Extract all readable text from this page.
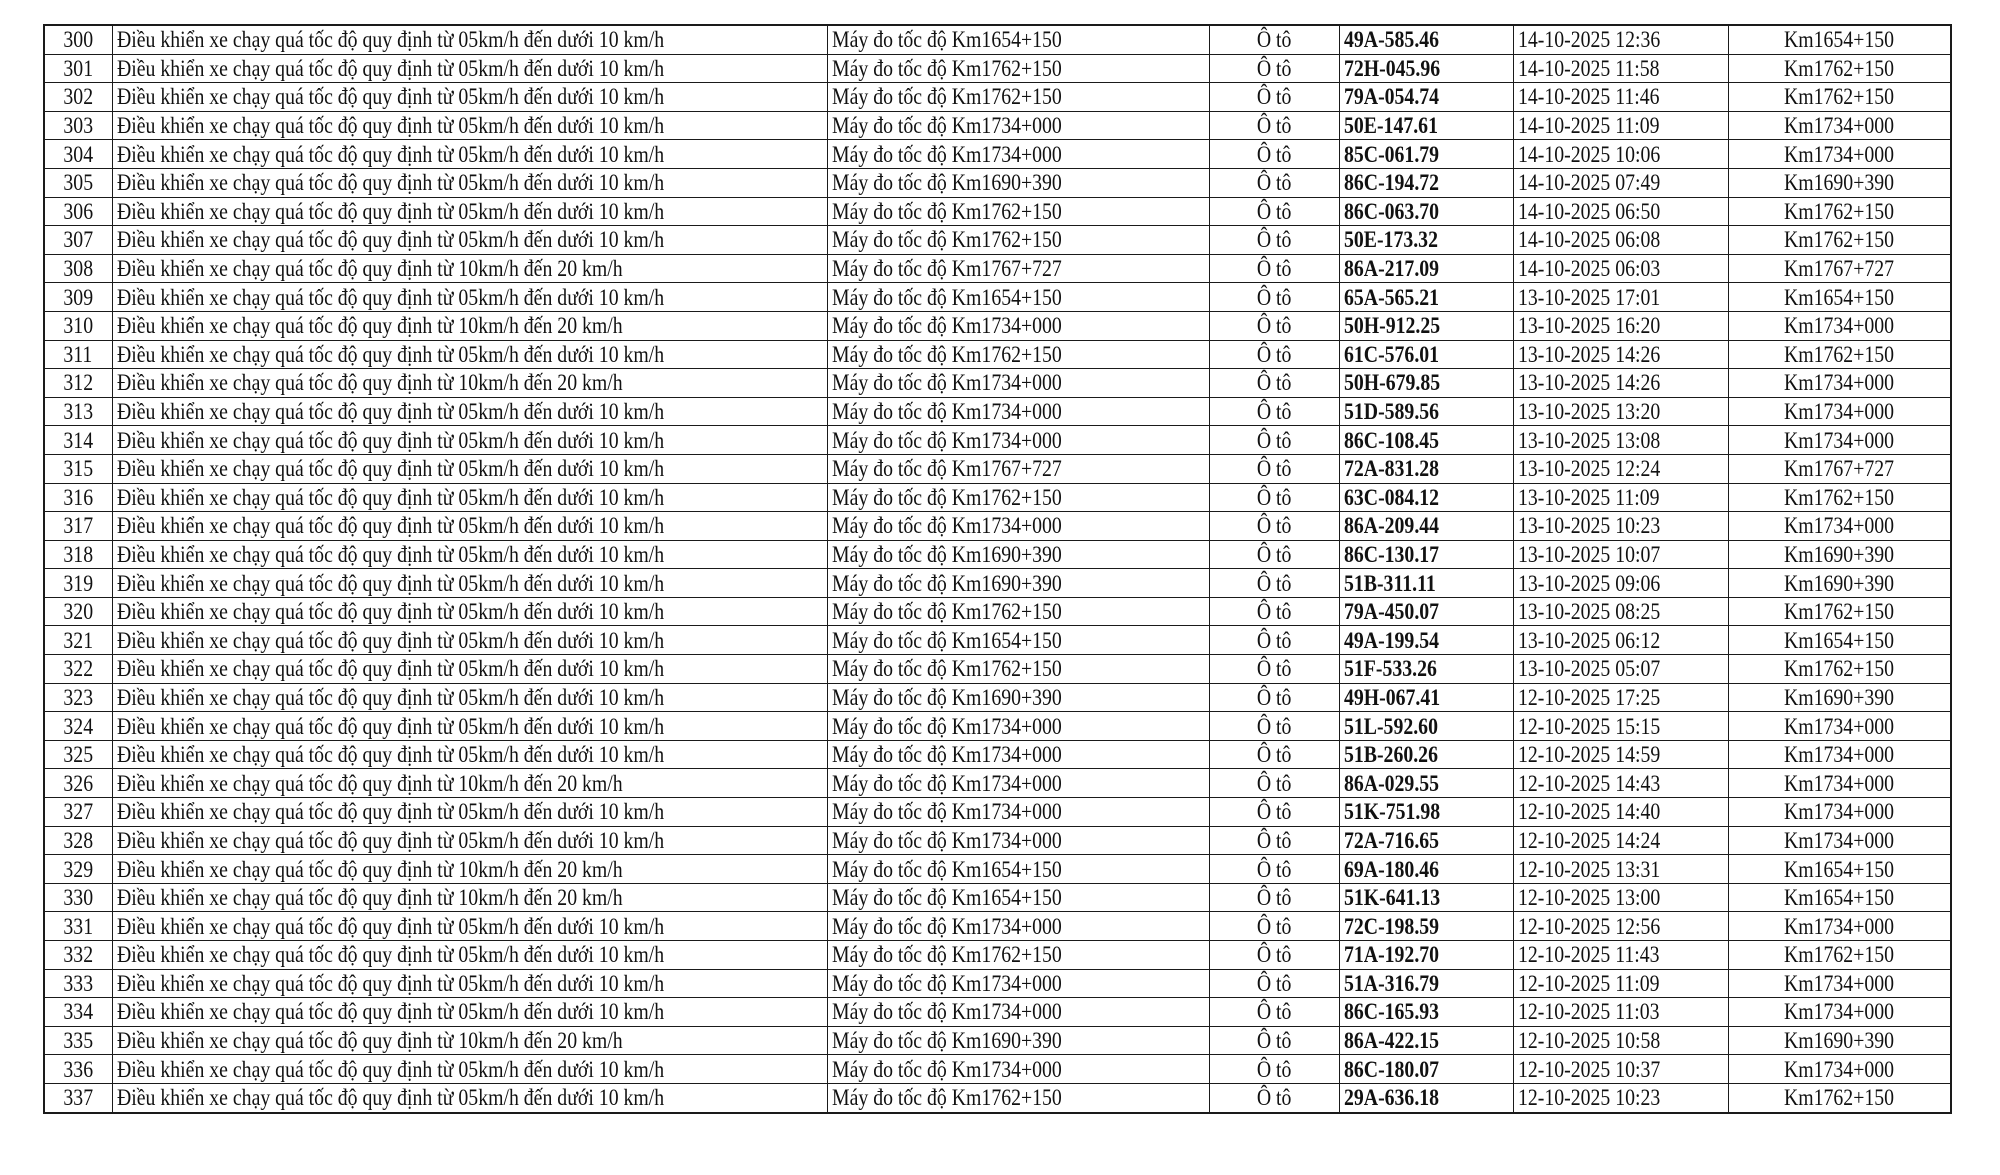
300	Điều khiển xe chạy quá tốc độ quy định từ 05km/h đến dưới 10 km/h	Máy đo tốc độ Km1654+150	Ô tô	49A-585.46	14-10-2025 12:36	Km1654+150
301	Điều khiển xe chạy quá tốc độ quy định từ 05km/h đến dưới 10 km/h	Máy đo tốc độ Km1762+150	Ô tô	72H-045.96	14-10-2025 11:58	Km1762+150
302	Điều khiển xe chạy quá tốc độ quy định từ 05km/h đến dưới 10 km/h	Máy đo tốc độ Km1762+150	Ô tô	79A-054.74	14-10-2025 11:46	Km1762+150
303	Điều khiển xe chạy quá tốc độ quy định từ 05km/h đến dưới 10 km/h	Máy đo tốc độ Km1734+000	Ô tô	50E-147.61	14-10-2025 11:09	Km1734+000
304	Điều khiển xe chạy quá tốc độ quy định từ 05km/h đến dưới 10 km/h	Máy đo tốc độ Km1734+000	Ô tô	85C-061.79	14-10-2025 10:06	Km1734+000
305	Điều khiển xe chạy quá tốc độ quy định từ 05km/h đến dưới 10 km/h	Máy đo tốc độ Km1690+390	Ô tô	86C-194.72	14-10-2025 07:49	Km1690+390
306	Điều khiển xe chạy quá tốc độ quy định từ 05km/h đến dưới 10 km/h	Máy đo tốc độ Km1762+150	Ô tô	86C-063.70	14-10-2025 06:50	Km1762+150
307	Điều khiển xe chạy quá tốc độ quy định từ 05km/h đến dưới 10 km/h	Máy đo tốc độ Km1762+150	Ô tô	50E-173.32	14-10-2025 06:08	Km1762+150
308	Điều khiển xe chạy quá tốc độ quy định từ 10km/h đến 20 km/h	Máy đo tốc độ Km1767+727	Ô tô	86A-217.09	14-10-2025 06:03	Km1767+727
309	Điều khiển xe chạy quá tốc độ quy định từ 05km/h đến dưới 10 km/h	Máy đo tốc độ Km1654+150	Ô tô	65A-565.21	13-10-2025 17:01	Km1654+150
310	Điều khiển xe chạy quá tốc độ quy định từ 10km/h đến 20 km/h	Máy đo tốc độ Km1734+000	Ô tô	50H-912.25	13-10-2025 16:20	Km1734+000
311	Điều khiển xe chạy quá tốc độ quy định từ 05km/h đến dưới 10 km/h	Máy đo tốc độ Km1762+150	Ô tô	61C-576.01	13-10-2025 14:26	Km1762+150
312	Điều khiển xe chạy quá tốc độ quy định từ 10km/h đến 20 km/h	Máy đo tốc độ Km1734+000	Ô tô	50H-679.85	13-10-2025 14:26	Km1734+000
313	Điều khiển xe chạy quá tốc độ quy định từ 05km/h đến dưới 10 km/h	Máy đo tốc độ Km1734+000	Ô tô	51D-589.56	13-10-2025 13:20	Km1734+000
314	Điều khiển xe chạy quá tốc độ quy định từ 05km/h đến dưới 10 km/h	Máy đo tốc độ Km1734+000	Ô tô	86C-108.45	13-10-2025 13:08	Km1734+000
315	Điều khiển xe chạy quá tốc độ quy định từ 05km/h đến dưới 10 km/h	Máy đo tốc độ Km1767+727	Ô tô	72A-831.28	13-10-2025 12:24	Km1767+727
316	Điều khiển xe chạy quá tốc độ quy định từ 05km/h đến dưới 10 km/h	Máy đo tốc độ Km1762+150	Ô tô	63C-084.12	13-10-2025 11:09	Km1762+150
317	Điều khiển xe chạy quá tốc độ quy định từ 05km/h đến dưới 10 km/h	Máy đo tốc độ Km1734+000	Ô tô	86A-209.44	13-10-2025 10:23	Km1734+000
318	Điều khiển xe chạy quá tốc độ quy định từ 05km/h đến dưới 10 km/h	Máy đo tốc độ Km1690+390	Ô tô	86C-130.17	13-10-2025 10:07	Km1690+390
319	Điều khiển xe chạy quá tốc độ quy định từ 05km/h đến dưới 10 km/h	Máy đo tốc độ Km1690+390	Ô tô	51B-311.11	13-10-2025 09:06	Km1690+390
320	Điều khiển xe chạy quá tốc độ quy định từ 05km/h đến dưới 10 km/h	Máy đo tốc độ Km1762+150	Ô tô	79A-450.07	13-10-2025 08:25	Km1762+150
321	Điều khiển xe chạy quá tốc độ quy định từ 05km/h đến dưới 10 km/h	Máy đo tốc độ Km1654+150	Ô tô	49A-199.54	13-10-2025 06:12	Km1654+150
322	Điều khiển xe chạy quá tốc độ quy định từ 05km/h đến dưới 10 km/h	Máy đo tốc độ Km1762+150	Ô tô	51F-533.26	13-10-2025 05:07	Km1762+150
323	Điều khiển xe chạy quá tốc độ quy định từ 05km/h đến dưới 10 km/h	Máy đo tốc độ Km1690+390	Ô tô	49H-067.41	12-10-2025 17:25	Km1690+390
324	Điều khiển xe chạy quá tốc độ quy định từ 05km/h đến dưới 10 km/h	Máy đo tốc độ Km1734+000	Ô tô	51L-592.60	12-10-2025 15:15	Km1734+000
325	Điều khiển xe chạy quá tốc độ quy định từ 05km/h đến dưới 10 km/h	Máy đo tốc độ Km1734+000	Ô tô	51B-260.26	12-10-2025 14:59	Km1734+000
326	Điều khiển xe chạy quá tốc độ quy định từ 10km/h đến 20 km/h	Máy đo tốc độ Km1734+000	Ô tô	86A-029.55	12-10-2025 14:43	Km1734+000
327	Điều khiển xe chạy quá tốc độ quy định từ 05km/h đến dưới 10 km/h	Máy đo tốc độ Km1734+000	Ô tô	51K-751.98	12-10-2025 14:40	Km1734+000
328	Điều khiển xe chạy quá tốc độ quy định từ 05km/h đến dưới 10 km/h	Máy đo tốc độ Km1734+000	Ô tô	72A-716.65	12-10-2025 14:24	Km1734+000
329	Điều khiển xe chạy quá tốc độ quy định từ 10km/h đến 20 km/h	Máy đo tốc độ Km1654+150	Ô tô	69A-180.46	12-10-2025 13:31	Km1654+150
330	Điều khiển xe chạy quá tốc độ quy định từ 10km/h đến 20 km/h	Máy đo tốc độ Km1654+150	Ô tô	51K-641.13	12-10-2025 13:00	Km1654+150
331	Điều khiển xe chạy quá tốc độ quy định từ 05km/h đến dưới 10 km/h	Máy đo tốc độ Km1734+000	Ô tô	72C-198.59	12-10-2025 12:56	Km1734+000
332	Điều khiển xe chạy quá tốc độ quy định từ 05km/h đến dưới 10 km/h	Máy đo tốc độ Km1762+150	Ô tô	71A-192.70	12-10-2025 11:43	Km1762+150
333	Điều khiển xe chạy quá tốc độ quy định từ 05km/h đến dưới 10 km/h	Máy đo tốc độ Km1734+000	Ô tô	51A-316.79	12-10-2025 11:09	Km1734+000
334	Điều khiển xe chạy quá tốc độ quy định từ 05km/h đến dưới 10 km/h	Máy đo tốc độ Km1734+000	Ô tô	86C-165.93	12-10-2025 11:03	Km1734+000
335	Điều khiển xe chạy quá tốc độ quy định từ 10km/h đến 20 km/h	Máy đo tốc độ Km1690+390	Ô tô	86A-422.15	12-10-2025 10:58	Km1690+390
336	Điều khiển xe chạy quá tốc độ quy định từ 05km/h đến dưới 10 km/h	Máy đo tốc độ Km1734+000	Ô tô	86C-180.07	12-10-2025 10:37	Km1734+000
337	Điều khiển xe chạy quá tốc độ quy định từ 05km/h đến dưới 10 km/h	Máy đo tốc độ Km1762+150	Ô tô	29A-636.18	12-10-2025 10:23	Km1762+150
